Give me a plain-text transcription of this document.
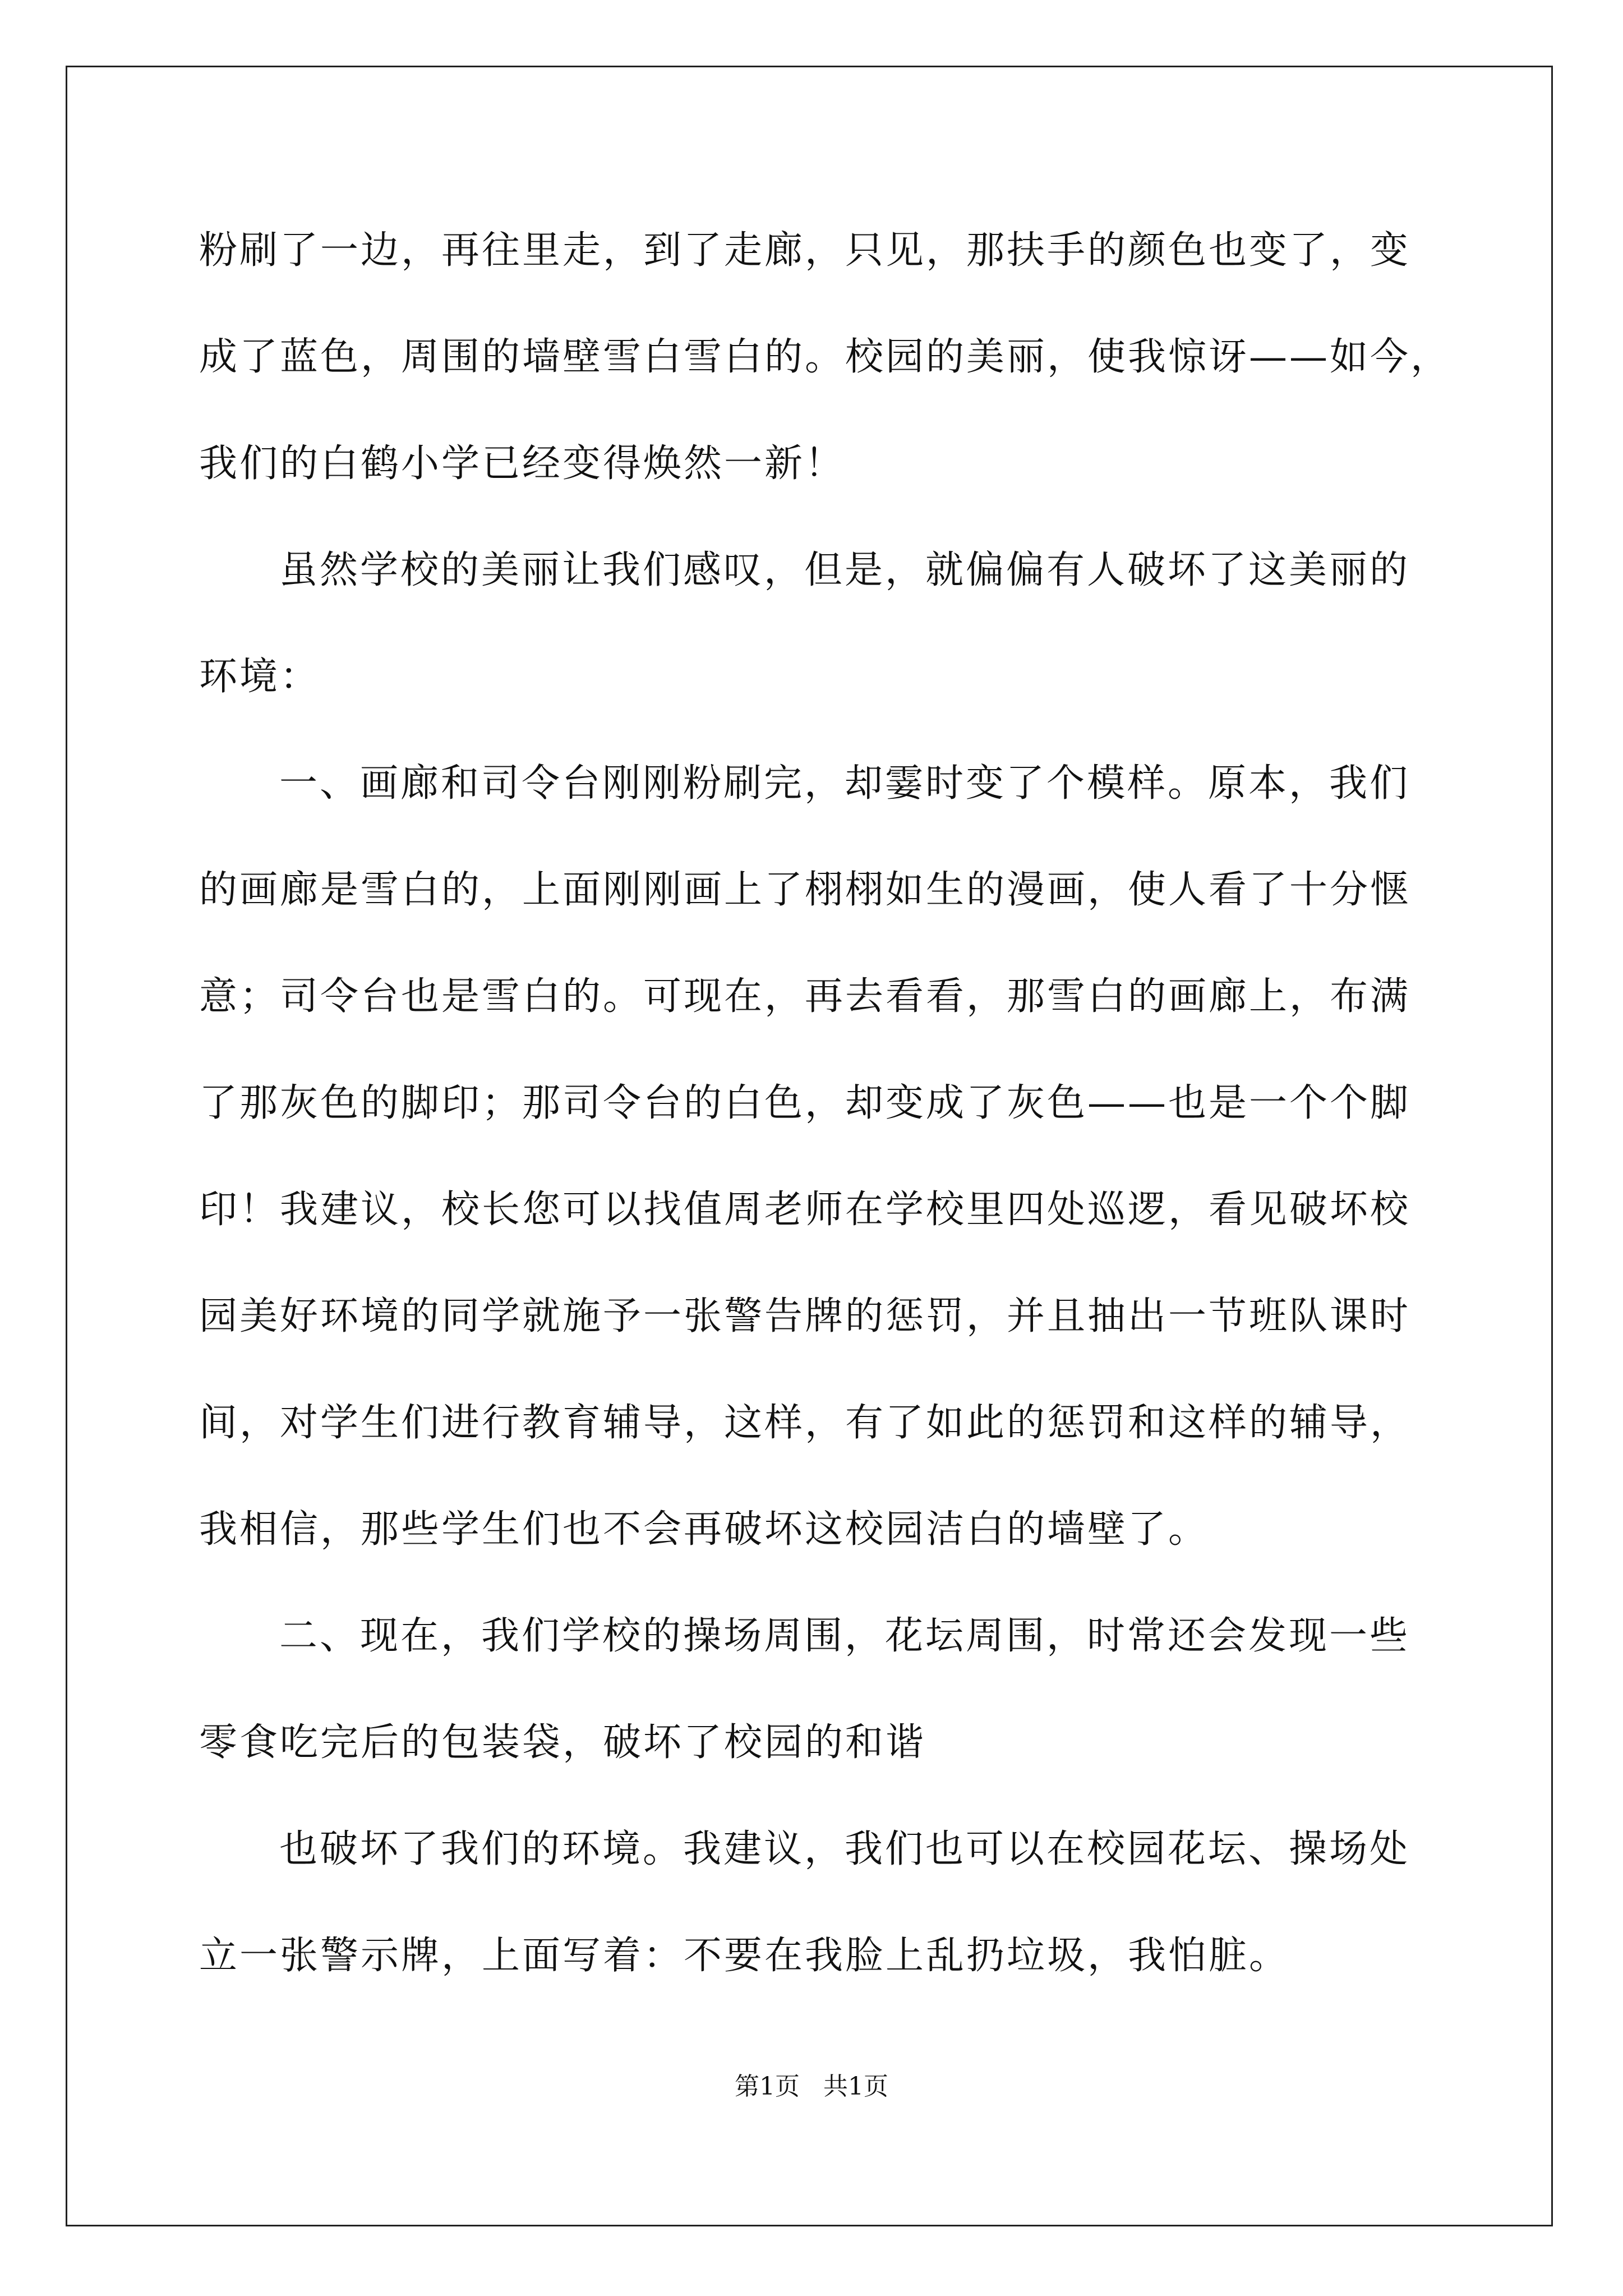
粉刷了一边，再往里走，到了走廊，只见，那扶手的颜色也变了，变
成了蓝色，周围的墙壁雪白雪白的。校园的美丽，使我惊讶——如今，
我们的白鹤小学已经变得焕然一新！
虽然学校的美丽让我们感叹，但是，就偏偏有人破坏了这美丽的
环境：
一、画廊和司令台刚刚粉刷完，却霎时变了个模样。原本，我们
的画廊是雪白的，上面刚刚画上了栩栩如生的漫画，使人看了十分惬
意；司令台也是雪白的。可现在，再去看看，那雪白的画廊上，布满
了那灰色的脚印；那司令台的白色，却变成了灰色——也是一个个脚
印！我建议，校长您可以找值周老师在学校里四处巡逻，看见破坏校
园美好环境的同学就施予一张警告牌的惩罚，并且抽出一节班队课时
间，对学生们进行教育辅导，这样，有了如此的惩罚和这样的辅导，
我相信，那些学生们也不会再破坏这校园洁白的墙壁了。
二、现在，我们学校的操场周围，花坛周围，时常还会发现一些
零食吃完后的包装袋，破坏了校园的和谐
也破坏了我们的环境。我建议，我们也可以在校园花坛、操场处
立一张警示牌，上面写着：不要在我脸上乱扔垃圾，我怕脏。
第1页   共1页
